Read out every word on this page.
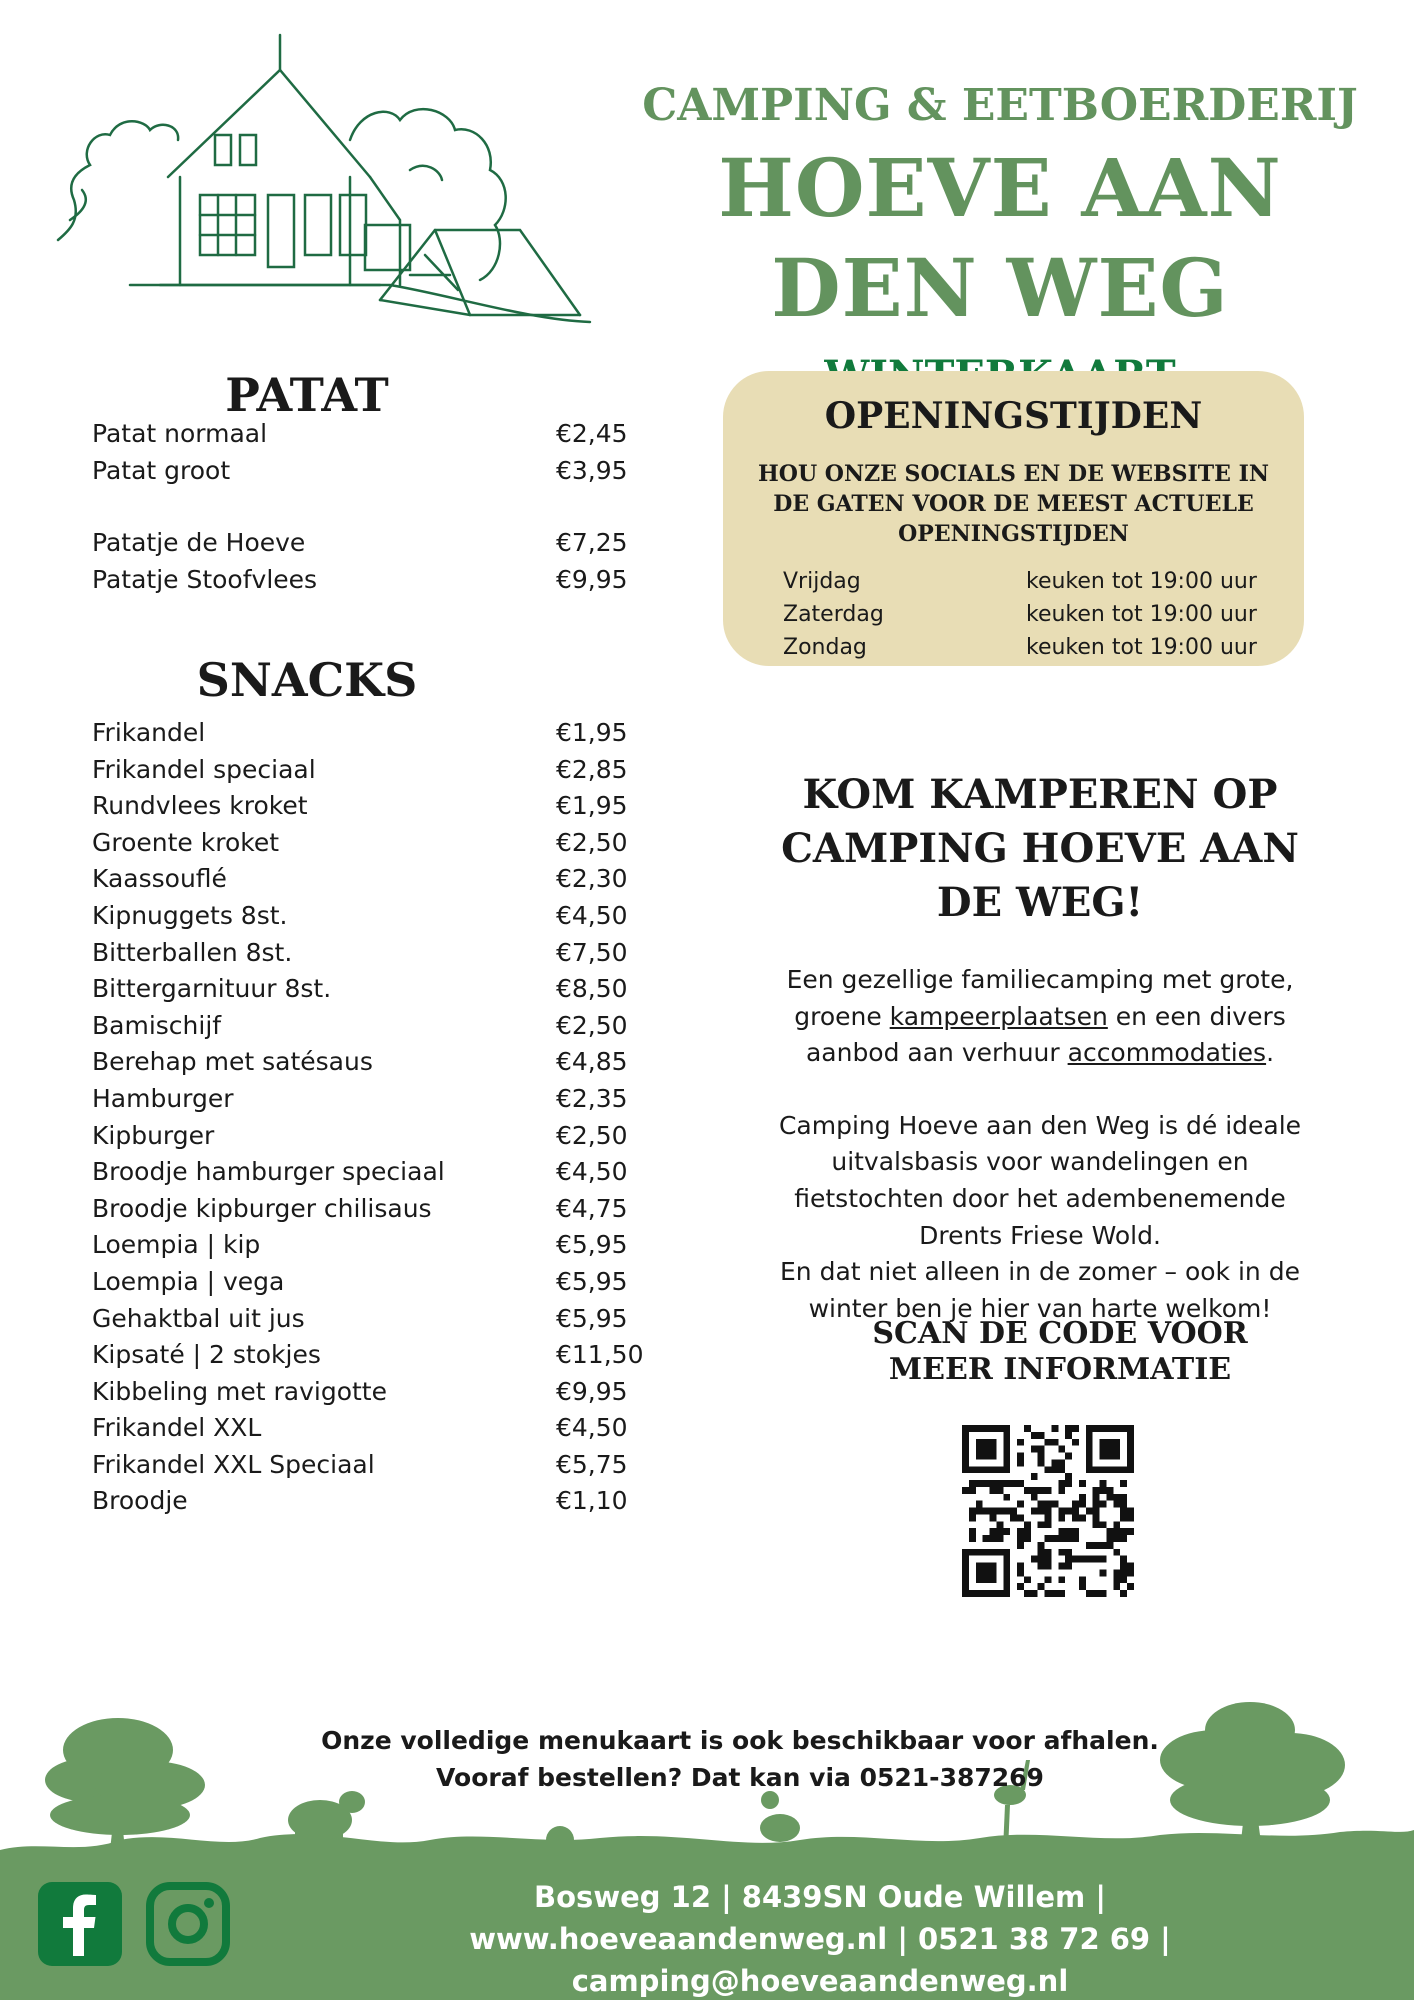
CAMPING & EETBOERDERIJ
HOEVE AAN DEN WEG
PATAT
Patat normaal	€2,45
Patat groot	€3,95
Patatje de Hoeve	€7,25
Patatje Stoofvlees	€9,95
SNACKS
Frikandel	€1,95
Frikandel speciaal	€2,85
Rundvlees kroket	€1,95
Groente kroket	€2,50
Kaassouflé	€2,30
Kipnuggets 8st.	€4,50
Bitterballen 8st.	€7,50
Bittergarnituur 8st.	€8,50
Bamischijf	€2,50
Berehap met satésaus	€4,85
Hamburger	€2,35
Kipburger	€2,50
Broodje hamburger speciaal	€4,50
Broodje kipburger chilisaus	€4,75
Loempia | kip	€5,95
Loempia | vega	€5,95
Gehaktbal uit jus	€5,95
Kipsaté | 2 stokjes	€11,50
Kibbeling met ravigotte	€9,95
Frikandel XXL	€4,50
Frikandel XXL Speciaal	€5,75
Broodje	€1,10
OPENINGSTIJDEN
HOU ONZE SOCIALS EN DE WEBSITE IN DE GATEN VOOR DE MEEST ACTUELE OPENINGSTIJDEN
Vrijdag	keuken tot 19:00 uur
Zaterdag	keuken tot 19:00 uur
Zondag	keuken tot 19:00 uur
KOM KAMPEREN OP CAMPING HOEVE AAN DE WEG!
Een gezellige familiecamping met grote, groene kampeerplaatsen en een divers aanbod aan verhuur accommodaties.
Camping Hoeve aan den Weg is dé ideale uitvalsbasis voor wandelingen en fietstochten door het adembenemende Drents Friese Wold.
En dat niet alleen in de zomer – ook in de winter ben je hier van harte welkom!
SCAN DE CODE VOOR MEER INFORMATIE
Onze volledige menukaart is ook beschikbaar voor afhalen.
Vooraf bestellen? Dat kan via 0521-387269
Bosweg 12 | 8439SN Oude Willem |
www.hoeveaandenweg.nl | 0521 38 72 69 | camping@hoeveaandenweg.nl
